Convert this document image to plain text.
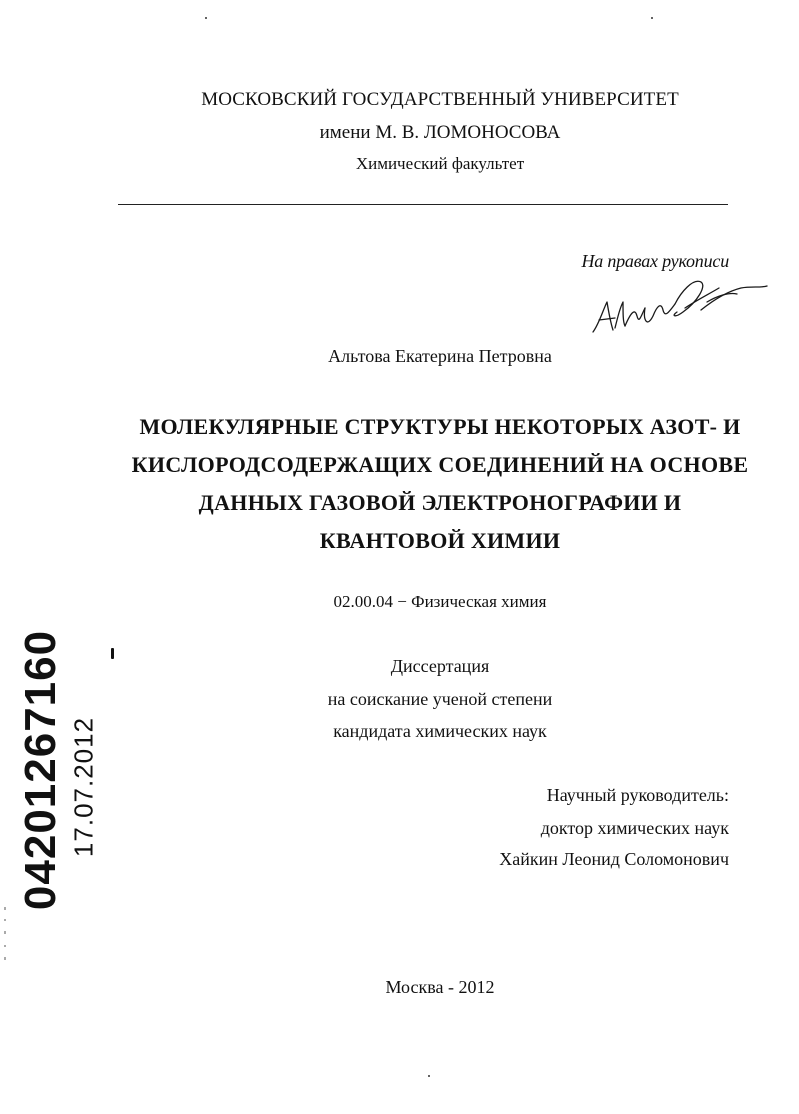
МОСКОВСКИЙ ГОСУДАРСТВЕННЫЙ УНИВЕРСИТЕТ
имени М. В. ЛОМОНОСОВА
Химический факультет
На правах рукописи
Альтова Екатерина Петровна
МОЛЕКУЛЯРНЫЕ СТРУКТУРЫ НЕКОТОРЫХ АЗОТ- И
КИСЛОРОДСОДЕРЖАЩИХ СОЕДИНЕНИЙ НА ОСНОВЕ
ДАННЫХ ГАЗОВОЙ ЭЛЕКТРОНОГРАФИИ И
КВАНТОВОЙ ХИМИИ
02.00.04 − Физическая химия
Диссертация
на соискание ученой степени
кандидата химических наук
Научный руководитель:
доктор химических наук
Хайкин Леонид Соломонович
Москва - 2012
04201267160 17.07.2012
